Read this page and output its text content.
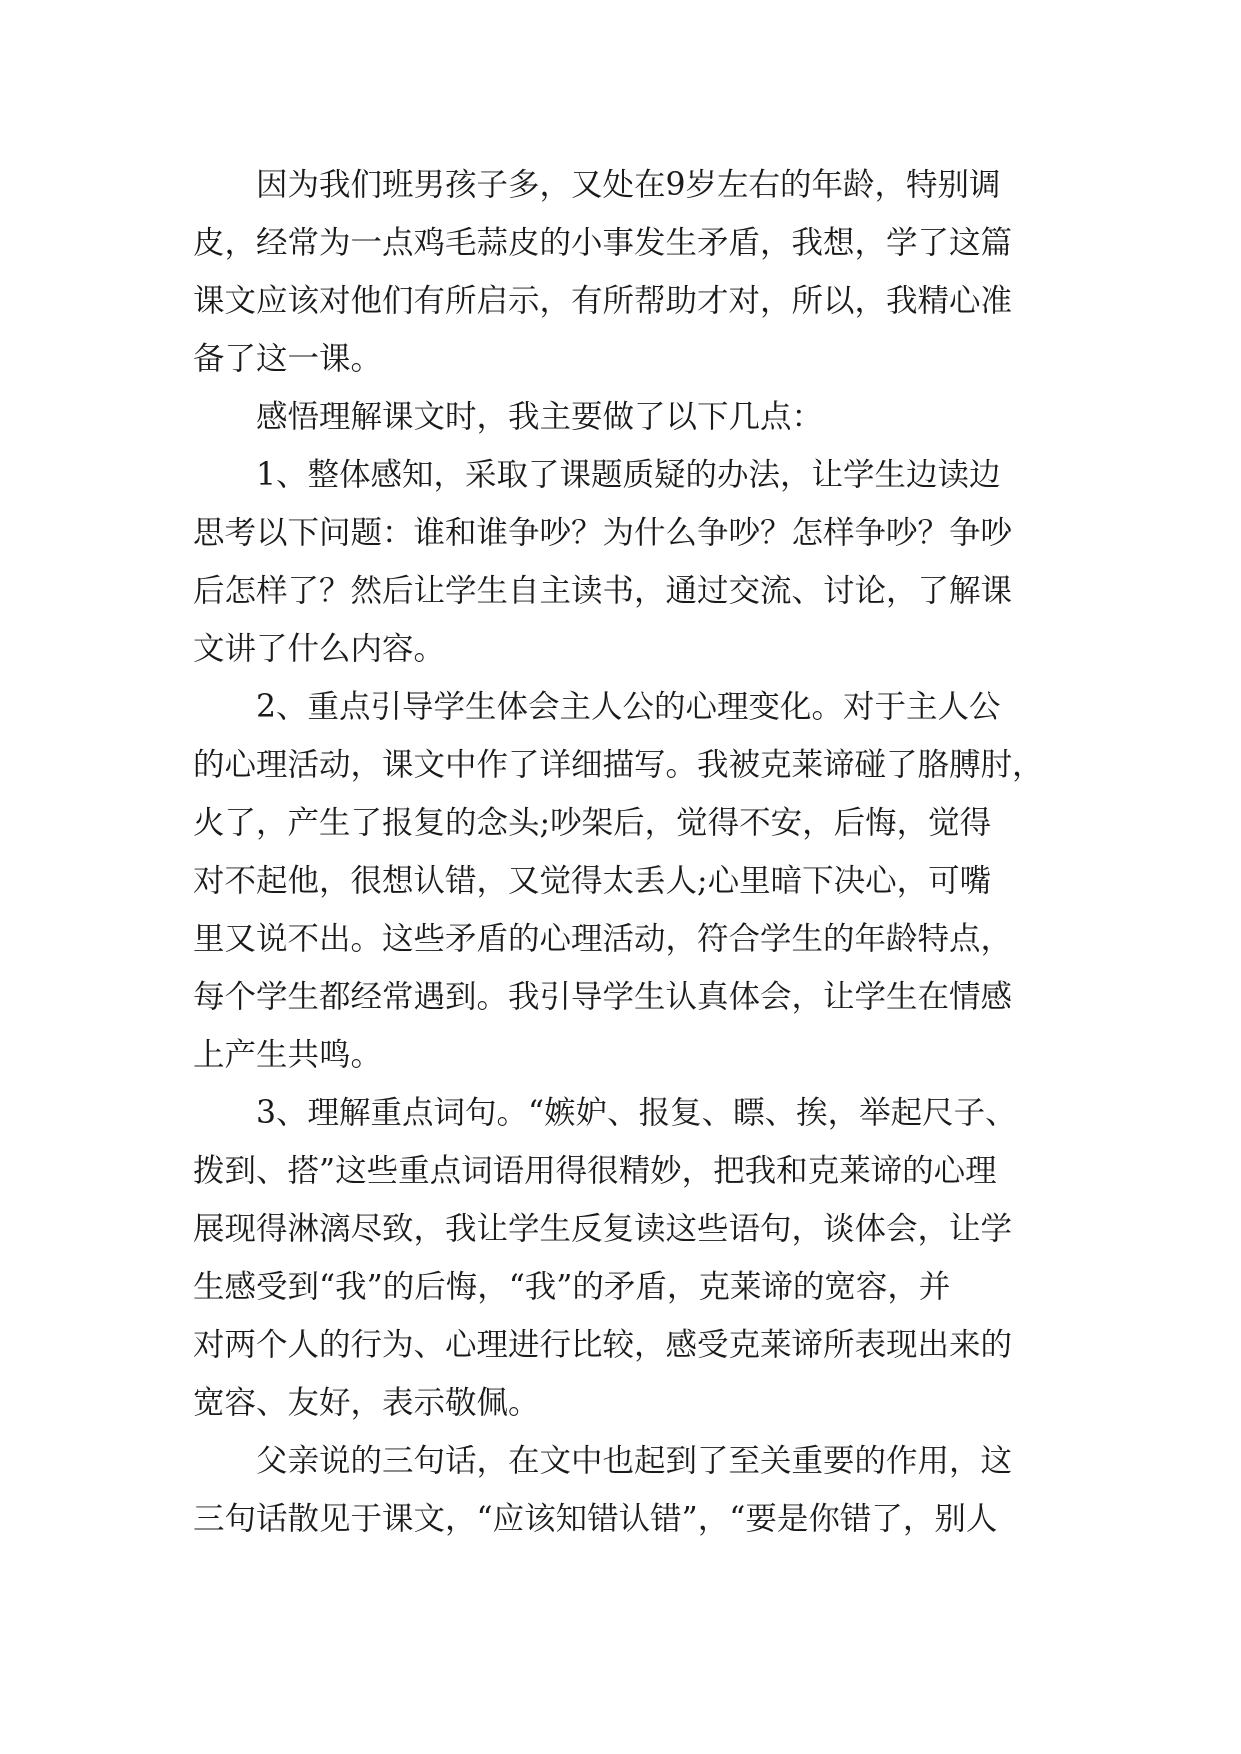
因为我们班男孩子多，又处在9岁左右的年龄，特别调
皮，经常为一点鸡毛蒜皮的小事发生矛盾，我想，学了这篇
课文应该对他们有所启示，有所帮助才对，所以，我精心准
备了这一课。
感悟理解课文时，我主要做了以下几点：
1、整体感知，采取了课题质疑的办法，让学生边读边
思考以下问题：谁和谁争吵？为什么争吵？怎样争吵？争吵
后怎样了？然后让学生自主读书，通过交流、讨论，了解课
文讲了什么内容。
2、重点引导学生体会主人公的心理变化。对于主人公
的心理活动，课文中作了详细描写。我被克莱谛碰了胳膊肘，
火了，产生了报复的念头;吵架后，觉得不安，后悔，觉得
对不起他，很想认错，又觉得太丢人;心里暗下决心，可嘴
里又说不出。这些矛盾的心理活动，符合学生的年龄特点，
每个学生都经常遇到。我引导学生认真体会，让学生在情感
上产生共鸣。
3、理解重点词句。“嫉妒、报复、瞟、挨，举起尺子、
拨到、搭”这些重点词语用得很精妙，把我和克莱谛的心理
展现得淋漓尽致，我让学生反复读这些语句，谈体会，让学
生感受到“我”的后悔，“我”的矛盾，克莱谛的宽容，并
对两个人的行为、心理进行比较，感受克莱谛所表现出来的
宽容、友好，表示敬佩。
父亲说的三句话，在文中也起到了至关重要的作用，这
三句话散见于课文，“应该知错认错”，“要是你错了，别人
